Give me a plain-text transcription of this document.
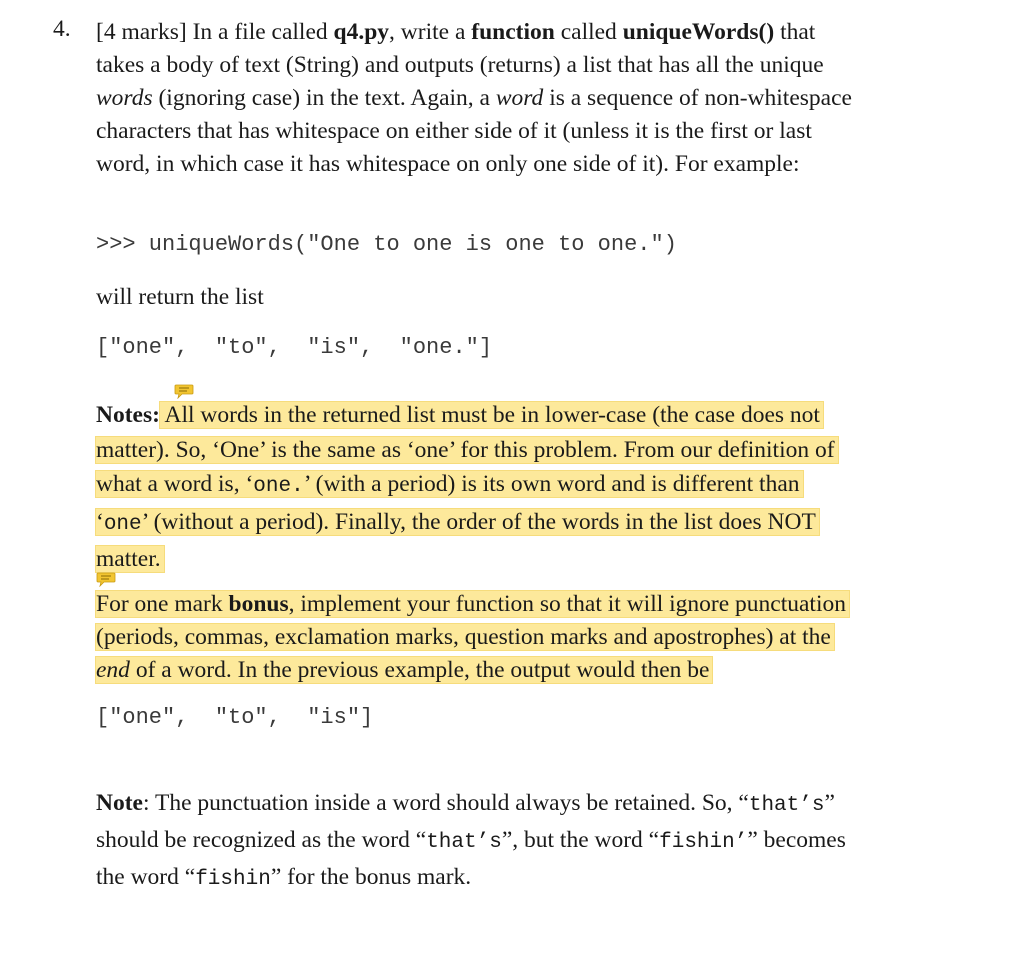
4. [4 marks] In a file called q4.py, write a function called uniqueWords() that
takes a body of text (String) and outputs (returns) a list that has all the unique
words (ignoring case) in the text. Again, a word is a sequence of non-whitespace
characters that has whitespace on either side of it (unless it is the first or last
word, in which case it has whitespace on only one side of it). For example:
>>> uniqueWords("One to one is one to one.")
will return the list
["one",  "to",  "is",  "one."]
Notes: All words in the returned list must be in lower-case (the case does not
matter). So, ‘One’ is the same as ‘one’ for this problem. From our definition of
what a word is, ‘one.’ (with a period) is its own word and is different than
‘one’ (without a period). Finally, the order of the words in the list does NOT
matter.
For one mark bonus, implement your function so that it will ignore punctuation
(periods, commas, exclamation marks, question marks and apostrophes) at the
end of a word. In the previous example, the output would then be
["one",  "to",  "is"]
Note: The punctuation inside a word should always be retained. So, “that’s”
should be recognized as the word “that’s”, but the word “fishin’” becomes
the word “fishin” for the bonus mark.
